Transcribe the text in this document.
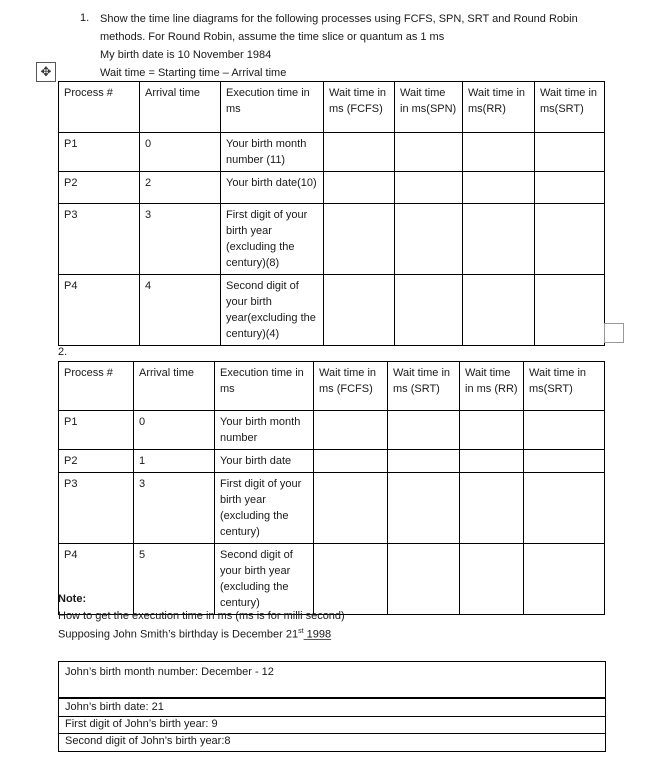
1. Show the time line diagrams for the following processes using FCFS, SPN, SRT and Round Robin
methods. For Round Robin, assume the time slice or quantum as 1 ms
My birth date is 10 November 1984
Wait time = Starting time – Arrival time
✥
Process #	Arrival time	Execution time in ms	Wait time in ms (FCFS)	Wait time in ms(SPN)	Wait time in ms(RR)	Wait time in ms(SRT)
P1	0	Your birth month number (11)				
P2	2	Your birth date(10)				
P3	3	First digit of your birth year (excluding the century)(8)				
P4	4	Second digit of your birth year(excluding the century)(4)				
2.
Process #	Arrival time	Execution time in ms	Wait time in ms (FCFS)	Wait time in ms (SRT)	Wait time in ms (RR)	Wait time in ms(SRT)
P1	0	Your birth month number				
P2	1	Your birth date				
P3	3	First digit of your birth year (excluding the century)				
P4	5	Second digit of your birth year (excluding the century)				
Note:
How to get the execution time in ms (ms is for milli second)
Supposing John Smith’s birthday is December 21st 1998
John’s birth month number: December - 12
John’s birth date: 21
First digit of John’s birth year: 9
Second digit of John’s birth year:8
